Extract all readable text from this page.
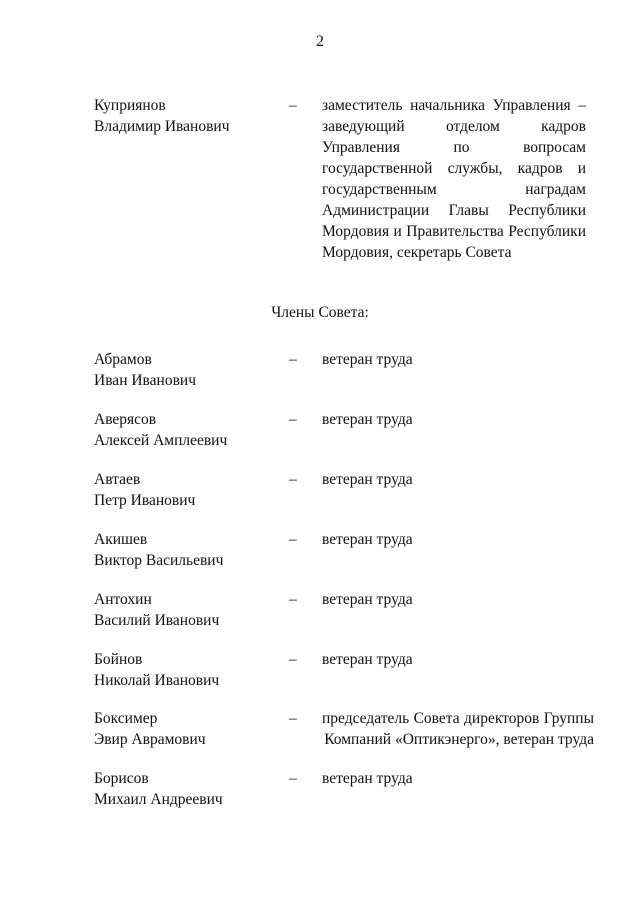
2
Куприянов
Владимир Иванович
– заместитель начальника Управления –
заведующий отделом кадров
Управления по вопросам
государственной службы, кадров и
государственным наградам
Администрации Главы Республики
Мордовия и Правительства Республики
Мордовия, секретарь Совета
Члены Совета:
Абрамов
Иван Иванович
– ветеран труда
Аверясов
Алексей Амплеевич
– ветеран труда
Автаев
Петр Иванович
– ветеран труда
Акишев
Виктор Васильевич
– ветеран труда
Антохин
Василий Иванович
– ветеран труда
Бойнов
Николай Иванович
– ветеран труда
Боксимер
Эвир Аврамович
– председатель Совета директоров Группы
Компаний «Оптикэнерго», ветеран труда
Борисов
Михаил Андреевич
– ветеран труда
